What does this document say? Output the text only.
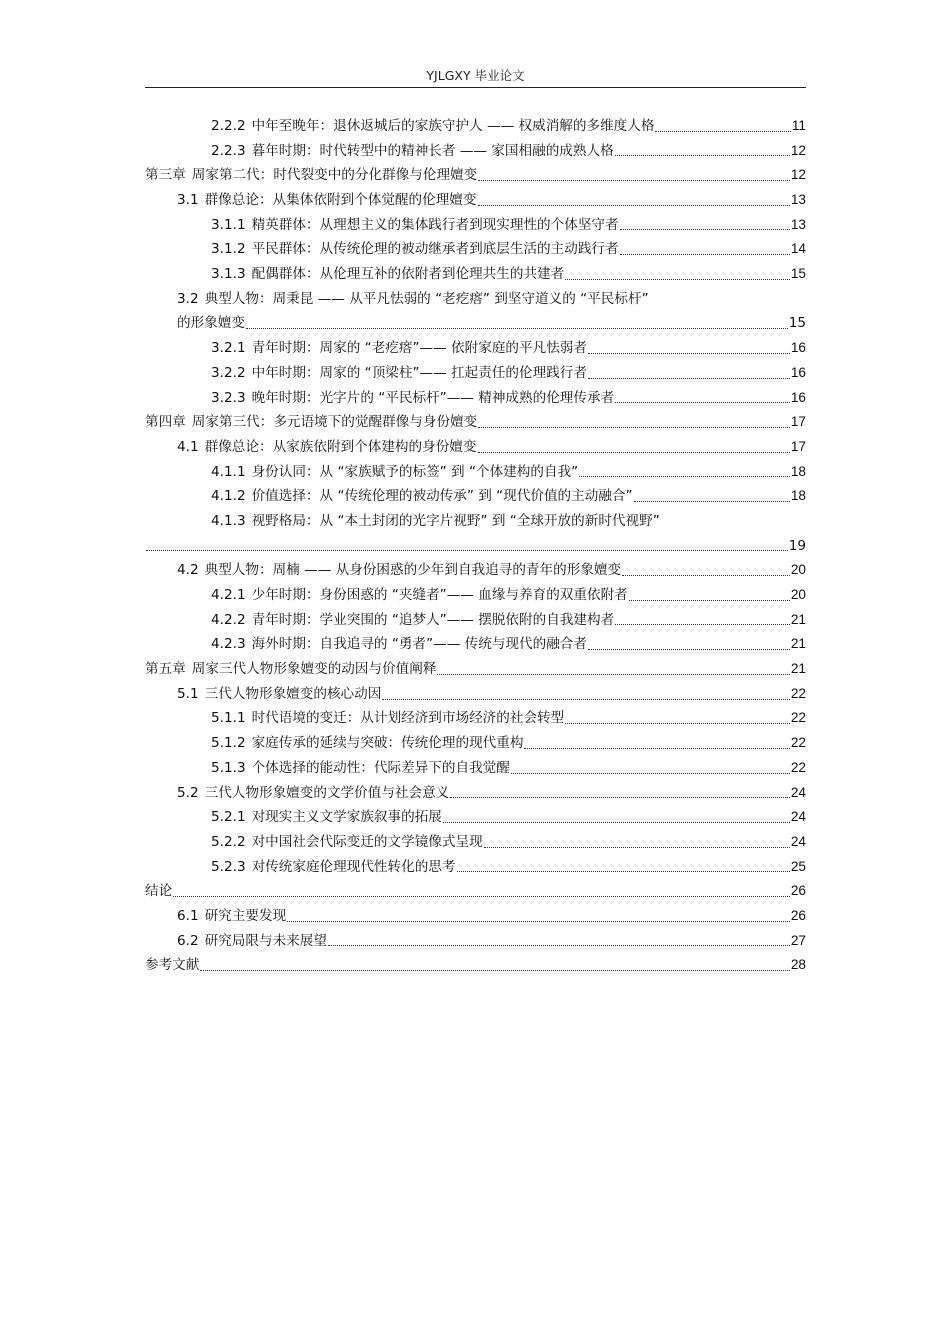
YJLGXY 毕业论文
2.2.2 中年至晚年：退休返城后的家族守护人 —— 权威消解的多维度人格	11
2.2.3 暮年时期：时代转型中的精神长者 —— 家国相融的成熟人格	12
第三章 周家第二代：时代裂变中的分化群像与伦理嬗变	12
3.1 群像总论：从集体依附到个体觉醒的伦理嬗变	13
3.1.1 精英群体：从理想主义的集体践行者到现实理性的个体坚守者	13
3.1.2 平民群体：从传统伦理的被动继承者到底层生活的主动践行者	14
3.1.3 配偶群体：从伦理互补的依附者到伦理共生的共建者	15
3.2 典型人物：周秉昆 —— 从平凡怯弱的 “老疙瘩” 到坚守道义的 “平民标杆”
的形象嬗变	15
3.2.1 青年时期：周家的 “老疙瘩”—— 依附家庭的平凡怯弱者	16
3.2.2 中年时期：周家的 “顶梁柱”—— 扛起责任的伦理践行者	16
3.2.3 晚年时期：光字片的 “平民标杆”—— 精神成熟的伦理传承者	16
第四章 周家第三代：多元语境下的觉醒群像与身份嬗变	17
4.1 群像总论：从家族依附到个体建构的身份嬗变	17
4.1.1 身份认同：从 “家族赋予的标签” 到 “个体建构的自我”	18
4.1.2 价值选择：从 “传统伦理的被动传承” 到 “现代价值的主动融合”	18
4.1.3 视野格局：从 “本土封闭的光字片视野” 到 “全球开放的新时代视野”
19
4.2 典型人物：周楠 —— 从身份困惑的少年到自我追寻的青年的形象嬗变	20
4.2.1 少年时期：身份困惑的 “夹缝者”—— 血缘与养育的双重依附者	20
4.2.2 青年时期：学业突围的 “追梦人”—— 摆脱依附的自我建构者	21
4.2.3 海外时期：自我追寻的 “勇者”—— 传统与现代的融合者	21
第五章 周家三代人物形象嬗变的动因与价值阐释	21
5.1 三代人物形象嬗变的核心动因	22
5.1.1 时代语境的变迁：从计划经济到市场经济的社会转型	22
5.1.2 家庭传承的延续与突破：传统伦理的现代重构	22
5.1.3 个体选择的能动性：代际差异下的自我觉醒	22
5.2 三代人物形象嬗变的文学价值与社会意义	24
5.2.1 对现实主义文学家族叙事的拓展	24
5.2.2 对中国社会代际变迁的文学镜像式呈现	24
5.2.3 对传统家庭伦理现代性转化的思考	25
结论	26
6.1 研究主要发现	26
6.2 研究局限与未来展望	27
参考文献	28
